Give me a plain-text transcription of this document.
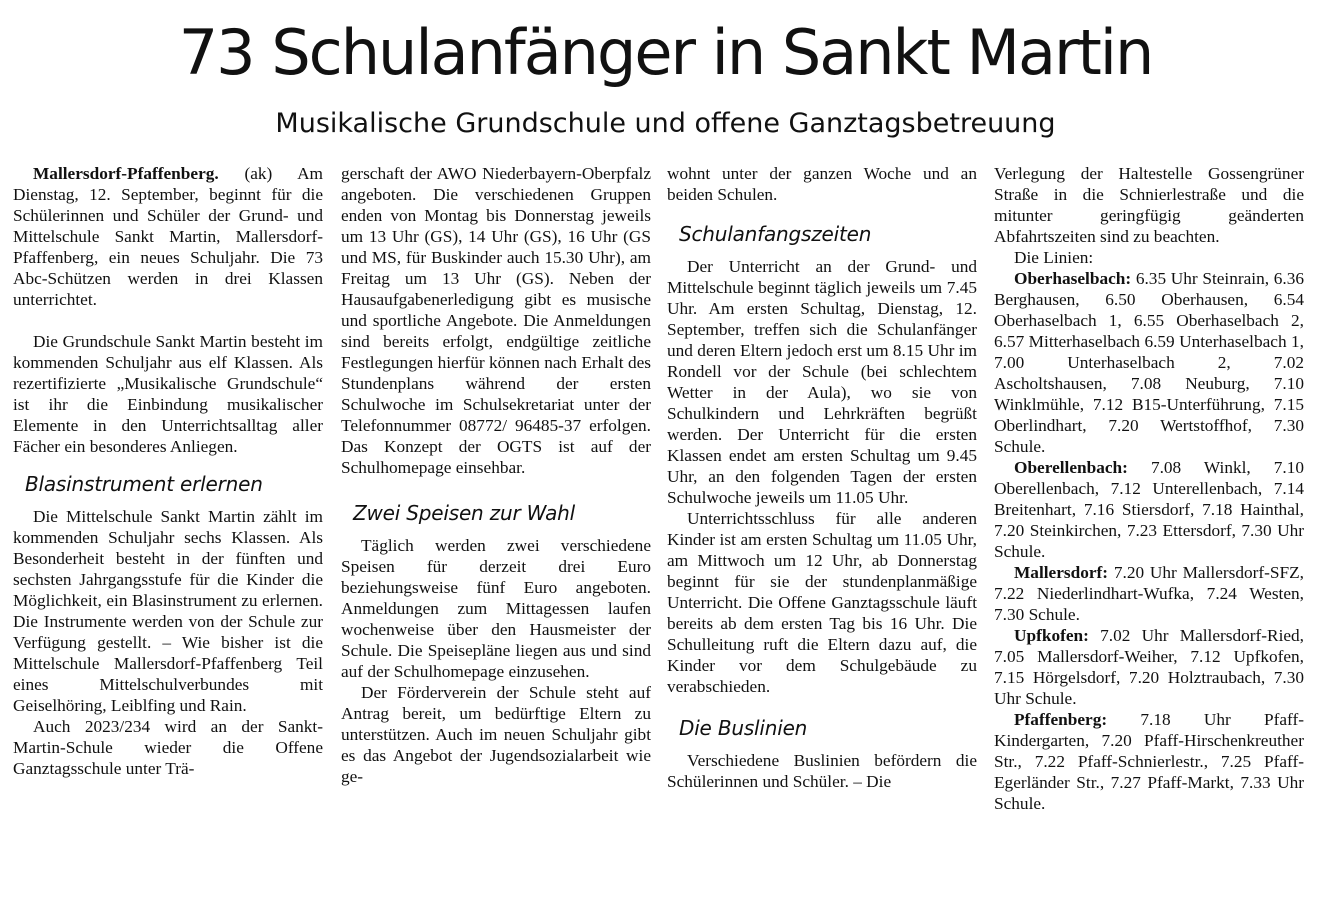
73 Schulanfänger in Sankt Martin
Musikalische Grundschule und offene Ganztagsbetreuung

Mallersdorf-Pfaffenberg. (ak) Am Dienstag, 12. September, beginnt für die Schülerinnen und Schüler der Grund- und Mittelschule Sankt Martin, Mallersdorf-Pfaffenberg, ein neues Schuljahr. Die 73 Abc-Schützen werden in drei Klassen unterrichtet.

Die Grundschule Sankt Martin besteht im kommenden Schuljahr aus elf Klassen. Als rezertifizierte „Musikalische Grundschule“ ist ihr die Einbindung musikalischer Elemente in den Unterrichtsalltag aller Fächer ein besonderes Anliegen.

Blasinstrument erlernen

Die Mittelschule Sankt Martin zählt im kommenden Schuljahr sechs Klassen. Als Besonderheit besteht in der fünften und sechsten Jahrgangsstufe für die Kinder die Möglichkeit, ein Blasinstrument zu erlernen. Die Instrumente werden von der Schule zur Verfügung gestellt. – Wie bisher ist die Mittelschule Mallersdorf-Pfaffenberg Teil eines Mittelschulverbundes mit Geiselhöring, Leiblfing und Rain.

Auch 2023/234 wird an der Sankt- Martin-Schule wieder die Offene Ganztagsschule unter Trä-

gerschaft der AWO Niederbayern-Oberpfalz angeboten. Die verschiedenen Gruppen enden von Montag bis Donnerstag jeweils um 13 Uhr (GS), 14 Uhr (GS), 16 Uhr (GS und MS, für Buskinder auch 15.30 Uhr), am Freitag um 13 Uhr (GS). Neben der Hausaufgabenerledigung gibt es musische und sportliche Angebote. Die Anmeldungen sind bereits erfolgt, endgültige zeitliche Festlegungen hierfür können nach Erhalt des Stundenplans während der ersten Schulwoche im Schulsekretariat unter der Telefonnummer 08772/ 96485-37 erfolgen. Das Konzept der OGTS ist auf der Schulhomepage einsehbar.

Zwei Speisen zur Wahl

Täglich werden zwei verschiedene Speisen für derzeit drei Euro beziehungsweise fünf Euro angeboten. Anmeldungen zum Mittagessen laufen wochenweise über den Hausmeister der Schule. Die Speisepläne liegen aus und sind auf der Schulhomepage einzusehen.

Der Förderverein der Schule steht auf Antrag bereit, um bedürftige Eltern zu unterstützen. Auch im neuen Schuljahr gibt es das Angebot der Jugendsozialarbeit wie ge-

wohnt unter der ganzen Woche und an beiden Schulen.

Schulanfangszeiten

Der Unterricht an der Grund- und Mittelschule beginnt täglich jeweils um 7.45 Uhr. Am ersten Schultag, Dienstag, 12. September, treffen sich die Schulanfänger und deren Eltern jedoch erst um 8.15 Uhr im Rondell vor der Schule (bei schlechtem Wetter in der Aula), wo sie von Schulkindern und Lehrkräften begrüßt werden. Der Unterricht für die ersten Klassen endet am ersten Schultag um 9.45 Uhr, an den folgenden Tagen der ersten Schulwoche jeweils um 11.05 Uhr.

Unterrichtsschluss für alle anderen Kinder ist am ersten Schultag um 11.05 Uhr, am Mittwoch um 12 Uhr, ab Donnerstag beginnt für sie der stundenplanmäßige Unterricht. Die Offene Ganztagsschule läuft bereits ab dem ersten Tag bis 16 Uhr. Die Schulleitung ruft die Eltern dazu auf, die Kinder vor dem Schulgebäude zu verabschieden.

Die Buslinien

Verschiedene Buslinien befördern die Schülerinnen und Schüler. – Die

Verlegung der Haltestelle Gossengrüner Straße in die Schnierlestraße und die mitunter geringfügig geänderten Abfahrtszeiten sind zu beachten.

Die Linien:

Oberhaselbach: 6.35 Uhr Steinrain, 6.36 Berghausen, 6.50 Oberhausen, 6.54 Oberhaselbach 1, 6.55 Oberhaselbach 2, 6.57 Mitterhaselbach 6.59 Unterhaselbach 1, 7.00 Unterhaselbach 2, 7.02 Ascholtshausen, 7.08 Neuburg, 7.10 Winklmühle, 7.12 B15-Unterführung, 7.15 Oberlindhart, 7.20 Wertstoffhof, 7.30 Schule.

Oberellenbach: 7.08 Winkl, 7.10 Oberellenbach, 7.12 Unterellenbach, 7.14 Breitenhart, 7.16 Stiersdorf, 7.18 Hainthal, 7.20 Steinkirchen, 7.23 Ettersdorf, 7.30 Uhr Schule.

Mallersdorf: 7.20 Uhr Mallersdorf-SFZ, 7.22 Niederlindhart-Wufka, 7.24 Westen, 7.30 Schule.

Upfkofen: 7.02 Uhr Mallersdorf-Ried, 7.05 Mallersdorf-Weiher, 7.12 Upfkofen, 7.15 Hörgelsdorf, 7.20 Holztraubach, 7.30 Uhr Schule.

Pfaffenberg: 7.18 Uhr Pfaff-Kindergarten, 7.20 Pfaff-Hirschenkreuther Str., 7.22 Pfaff-Schnierlestr., 7.25 Pfaff-Egerländer Str., 7.27 Pfaff-Markt, 7.33 Uhr Schule.
